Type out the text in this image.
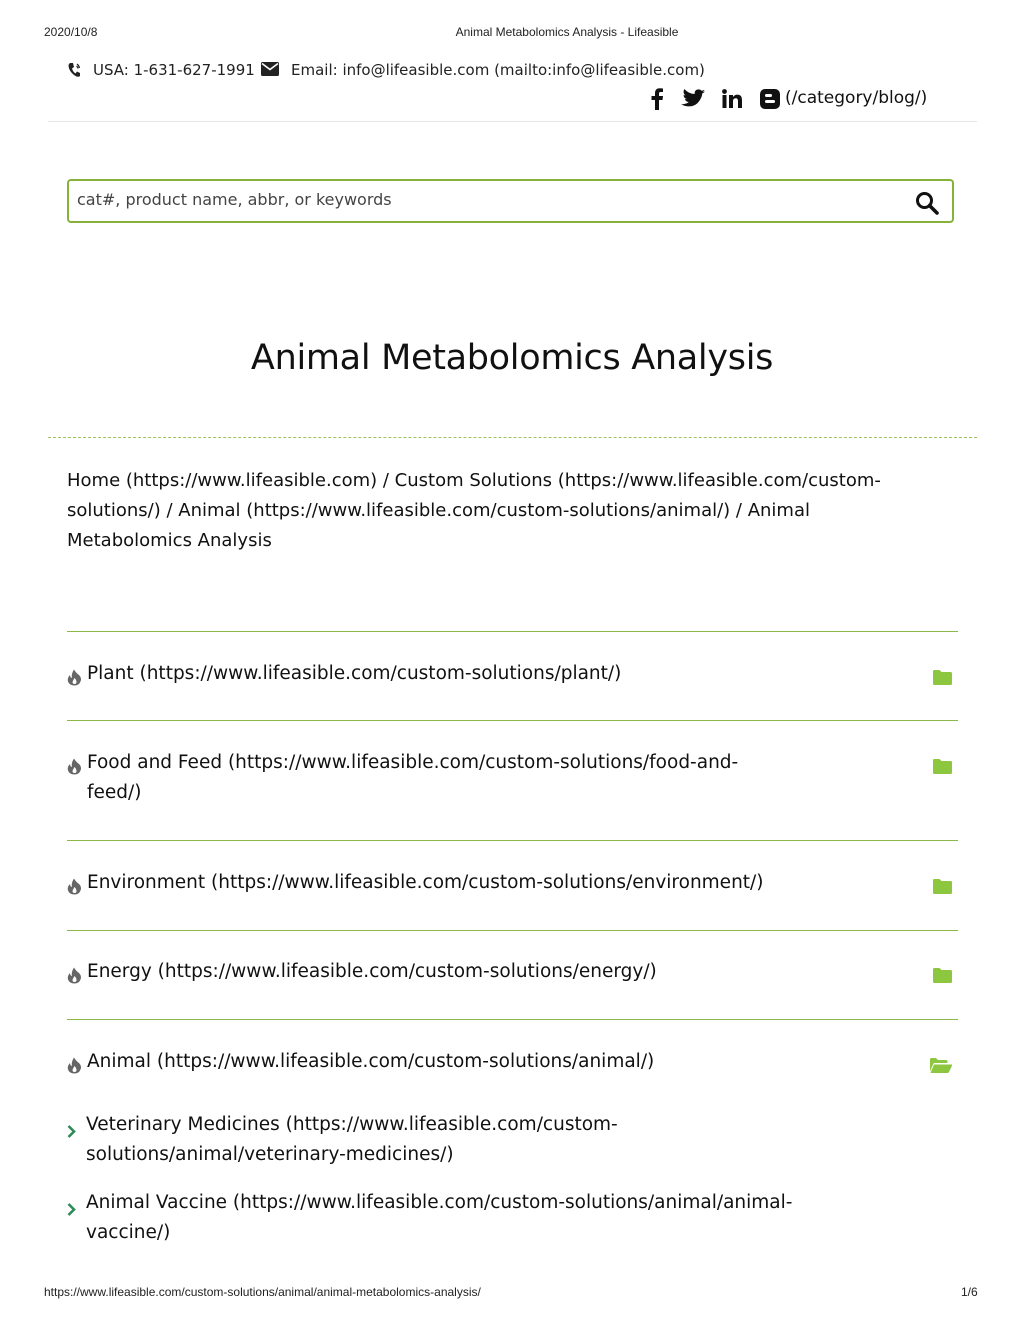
2020/10/8	Animal Metabolomics Analysis - Lifeasible
USA: 1-631-627-1991 Email: info@lifeasible.com (mailto:info@lifeasible.com)
(/category/blog/)
cat#, product name, abbr, or keywords
Animal Metabolomics Analysis
Home (https://www.lifeasible.com) / Custom Solutions (https://www.lifeasible.com/custom-
solutions/) / Animal (https://www.lifeasible.com/custom-solutions/animal/) / Animal
Metabolomics Analysis
Plant (https://www.lifeasible.com/custom-solutions/plant/)
Food and Feed (https://www.lifeasible.com/custom-solutions/food-and-
feed/)
Environment (https://www.lifeasible.com/custom-solutions/environment/)
Energy (https://www.lifeasible.com/custom-solutions/energy/)
Animal (https://www.lifeasible.com/custom-solutions/animal/)
Veterinary Medicines (https://www.lifeasible.com/custom-
solutions/animal/veterinary-medicines/)
Animal Vaccine (https://www.lifeasible.com/custom-solutions/animal/animal-
vaccine/)
https://www.lifeasible.com/custom-solutions/animal/animal-metabolomics-analysis/	1/6
